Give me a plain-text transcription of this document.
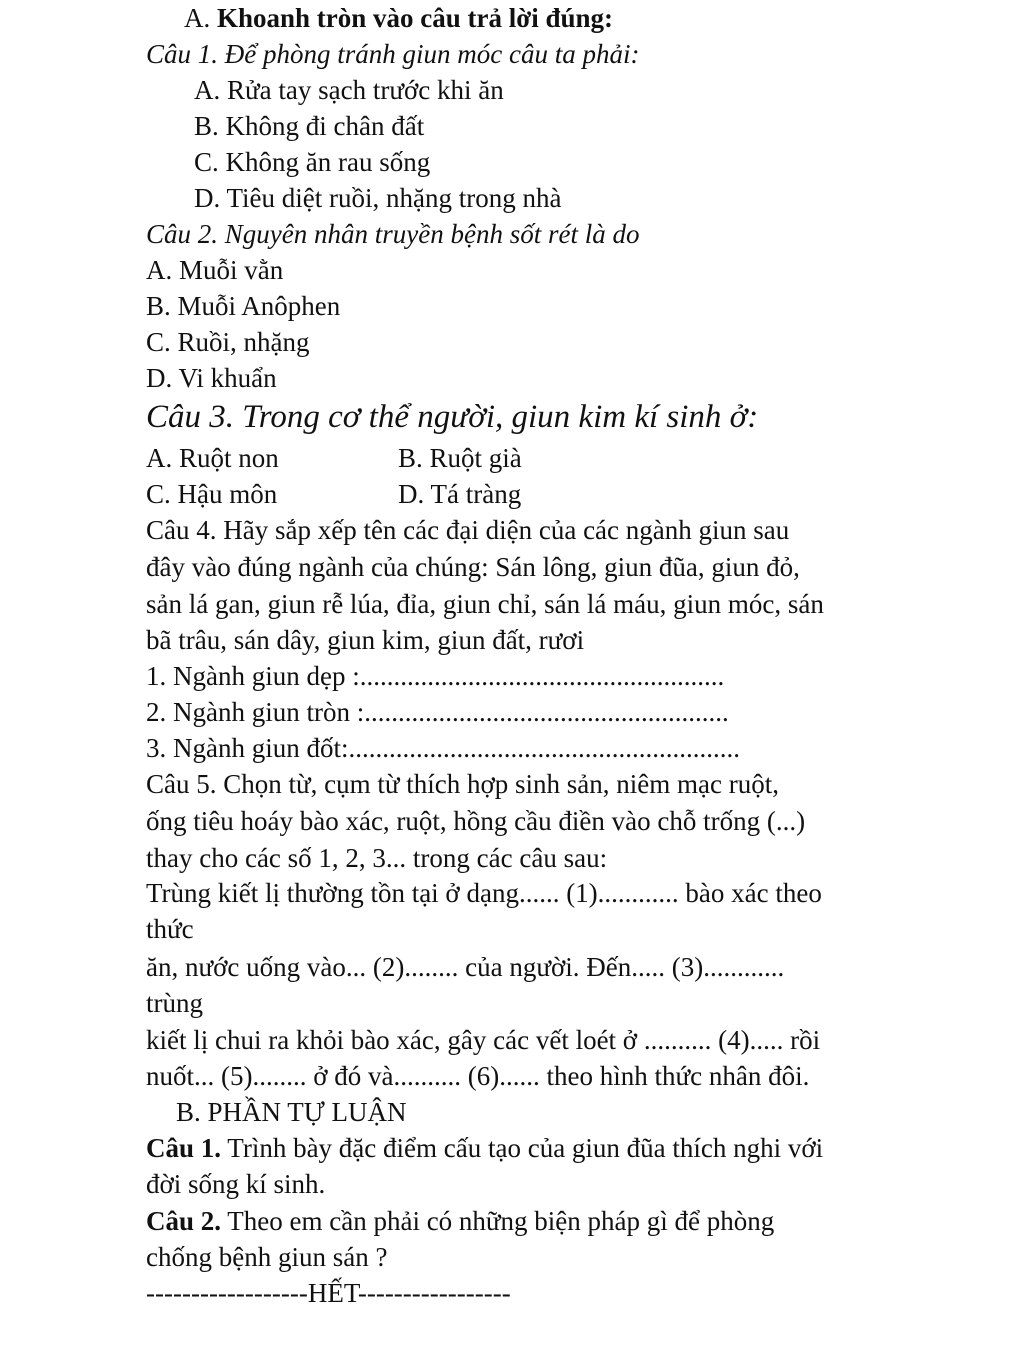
A. Khoanh tròn vào câu trả lời đúng:
Câu 1. Để phòng tránh giun móc câu ta phải:
A. Rửa tay sạch trước khi ăn
B. Không đi chân đất
C. Không ăn rau sống
D. Tiêu diệt ruồi, nhặng trong nhà
Câu 2. Nguyên nhân truyền bệnh sốt rét là do
A. Muỗi vằn
B. Muỗi Anôphen
C. Ruồi, nhặng
D. Vi khuẩn
Câu 3. Trong cơ thể người, giun kim kí sinh ở:
A. Ruột non	B. Ruột già
C. Hậu môn	D. Tá tràng
Câu 4. Hãy sắp xếp tên các đại diện của các ngành giun sau
đây vào đúng ngành của chúng: Sán lông, giun đũa, giun đỏ,
sản lá gan, giun rễ lúa, đỉa, giun chỉ, sán lá máu, giun móc, sán
bã trâu, sán dây, giun kim, giun đất, rươi
1. Ngành giun dẹp :......................................................
2. Ngành giun tròn :......................................................
3. Ngành giun đốt:..........................................................
Câu 5. Chọn từ, cụm từ thích hợp sinh sản, niêm mạc ruột,
ống tiêu hoáy bào xác, ruột, hồng cầu điền vào chỗ trống (...)
thay cho các số 1, 2, 3... trong các câu sau:
Trùng kiết lị thường tồn tại ở dạng...... (1)............ bào xác theo
thức
ăn, nước uống vào... (2)........ của người. Đến..... (3)............
trùng
kiết lị chui ra khỏi bào xác, gây các vết loét ở .......... (4)..... rồi
nuốt... (5)........ ở đó và.......... (6)...... theo hình thức nhân đôi.
B. PHẦN TỰ LUẬN
Câu 1. Trình bày đặc điểm cấu tạo của giun đũa thích nghi với
đời sống kí sinh.
Câu 2. Theo em cần phải có những biện pháp gì để phòng
chống bệnh giun sán ?
------------------HẾT-----------------
